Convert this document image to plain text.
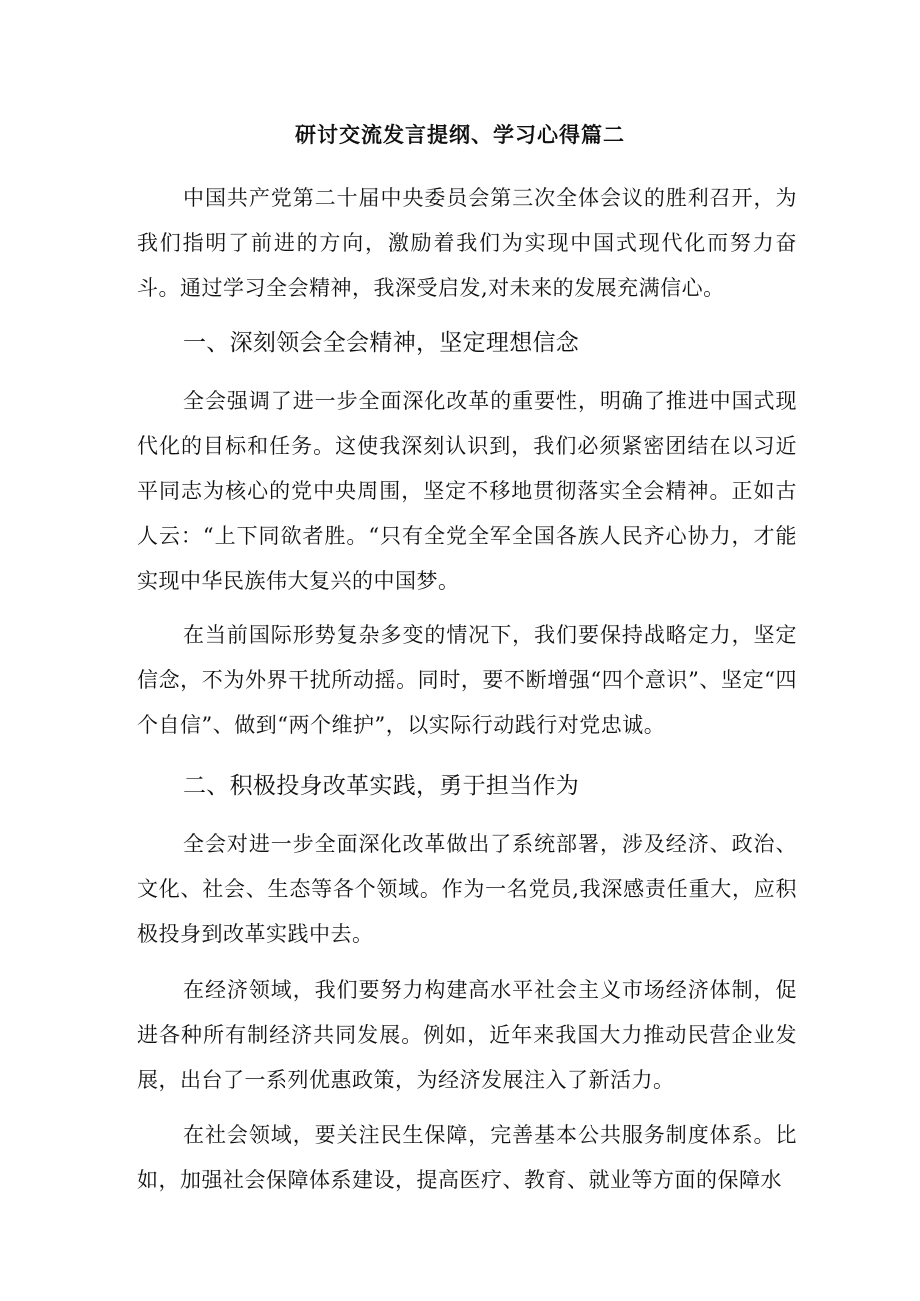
研讨交流发言提纲、学习心得篇二

中国共产党第二十届中央委员会第三次全体会议的胜利召开，为我们指明了前进的方向，激励着我们为实现中国式现代化而努力奋斗。通过学习全会精神，我深受启发,对未来的发展充满信心。

一、深刻领会全会精神，坚定理想信念

全会强调了进一步全面深化改革的重要性，明确了推进中国式现代化的目标和任务。这使我深刻认识到，我们必须紧密团结在以习近平同志为核心的党中央周围，坚定不移地贯彻落实全会精神。正如古人云：“上下同欲者胜。“只有全党全军全国各族人民齐心协力，才能实现中华民族伟大复兴的中国梦。

在当前国际形势复杂多变的情况下，我们要保持战略定力，坚定信念，不为外界干扰所动摇。同时，要不断增强“四个意识”、坚定“四个自信”、做到“两个维护”，以实际行动践行对党忠诚。

二、积极投身改革实践，勇于担当作为

全会对进一步全面深化改革做出了系统部署，涉及经济、政治、文化、社会、生态等各个领域。作为一名党员,我深感责任重大，应积极投身到改革实践中去。

在经济领域，我们要努力构建高水平社会主义市场经济体制，促进各种所有制经济共同发展。例如，近年来我国大力推动民营企业发展，出台了一系列优惠政策，为经济发展注入了新活力。

在社会领域，要关注民生保障，完善基本公共服务制度体系。比如，加强社会保障体系建设，提高医疗、教育、就业等方面的保障水
